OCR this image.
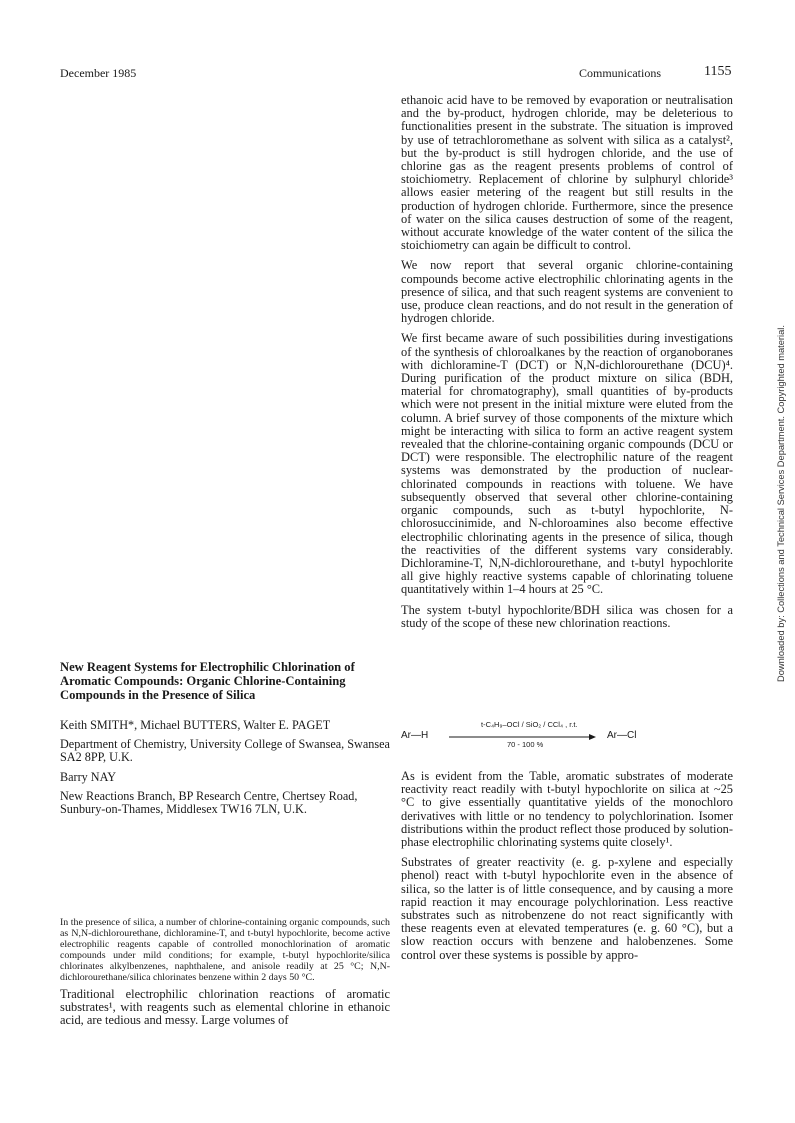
December 1985	Communications	1155

ethanoic acid have to be removed by evaporation or neutralisation and the by-product, hydrogen chloride, may be deleterious to functionalities present in the substrate. The situation is improved by use of tetrachloromethane as solvent with silica as a catalyst², but the by-product is still hydrogen chloride, and the use of chlorine gas as the reagent presents problems of control of stoichiometry. Replacement of chlorine by sulphuryl chloride³ allows easier metering of the reagent but still results in the production of hydrogen chloride. Furthermore, since the presence of water on the silica causes destruction of some of the reagent, without accurate knowledge of the water content of the silica the stoichiometry can again be difficult to control.

We now report that several organic chlorine-containing compounds become active electrophilic chlorinating agents in the presence of silica, and that such reagent systems are convenient to use, produce clean reactions, and do not result in the generation of hydrogen chloride.

We first became aware of such possibilities during investigations of the synthesis of chloroalkanes by the reaction of organoboranes with dichloramine-T (DCT) or N,N-dichlorourethane (DCU)⁴. During purification of the product mixture on silica (BDH, material for chromatography), small quantities of by-products which were not present in the initial mixture were eluted from the column. A brief survey of those components of the mixture which might be interacting with silica to form an active reagent system revealed that the chlorine-containing organic compounds (DCU or DCT) were responsible. The electrophilic nature of the reagent systems was demonstrated by the production of nuclear-chlorinated compounds in reactions with toluene. We have subsequently observed that several other chlorine-containing organic compounds, such as t-butyl hypochlorite, N-chlorosuccinimide, and N-chloroamines also become effective electrophilic chlorinating agents in the presence of silica, though the reactivities of the different systems vary considerably. Dichloramine-T, N,N-dichlorourethane, and t-butyl hypochlorite all give highly reactive systems capable of chlorinating toluene quantitatively within 1–4 hours at 25 °C.

The system t-butyl hypochlorite/BDH silica was chosen for a study of the scope of these new chlorination reactions.

Ar—H
t-C₄H₉–OCl / SiO₂ / CCl₄ , r.t.
70 - 100 %
Ar—Cl

As is evident from the Table, aromatic substrates of moderate reactivity react readily with t-butyl hypochlorite on silica at ~25 °C to give essentially quantitative yields of the monochloro derivatives with little or no tendency to polychlorination. Isomer distributions within the product reflect those produced by solution-phase electrophilic chlorinating systems quite closely¹.

Substrates of greater reactivity (e. g. p-xylene and especially phenol) react with t-butyl hypochlorite even in the absence of silica, so the latter is of little consequence, and by causing a more rapid reaction it may encourage polychlorination. Less reactive substrates such as nitrobenzene do not react significantly with these reagents even at elevated temperatures (e. g. 60 °C), but a slow reaction occurs with benzene and halobenzenes. Some control over these systems is possible by appro-

New Reagent Systems for Electrophilic Chlorination of Aromatic Compounds: Organic Chlorine-Containing Compounds in the Presence of Silica
Keith SMITH*, Michael BUTTERS, Walter E. PAGET
Department of Chemistry, University College of Swansea, Swansea SA2 8PP, U.K.
Barry NAY
New Reactions Branch, BP Research Centre, Chertsey Road, Sunbury-on-Thames, Middlesex TW16 7LN, U.K.
In the presence of silica, a number of chlorine-containing organic compounds, such as N,N-dichlorourethane, dichloramine-T, and t-butyl hypochlorite, become active electrophilic reagents capable of controlled monochlorination of aromatic compounds under mild conditions; for example, t-butyl hypochlorite/silica chlorinates alkylbenzenes, naphthalene, and anisole readily at 25 °C; N,N-dichlorourethane/silica chlorinates benzene within 2 days 50 °C.
Traditional electrophilic chlorination reactions of aromatic substrates¹, with reagents such as elemental chlorine in ethanoic acid, are tedious and messy. Large volumes of
Downloaded by: Collections and Technical Services Department. Copyrighted material.
